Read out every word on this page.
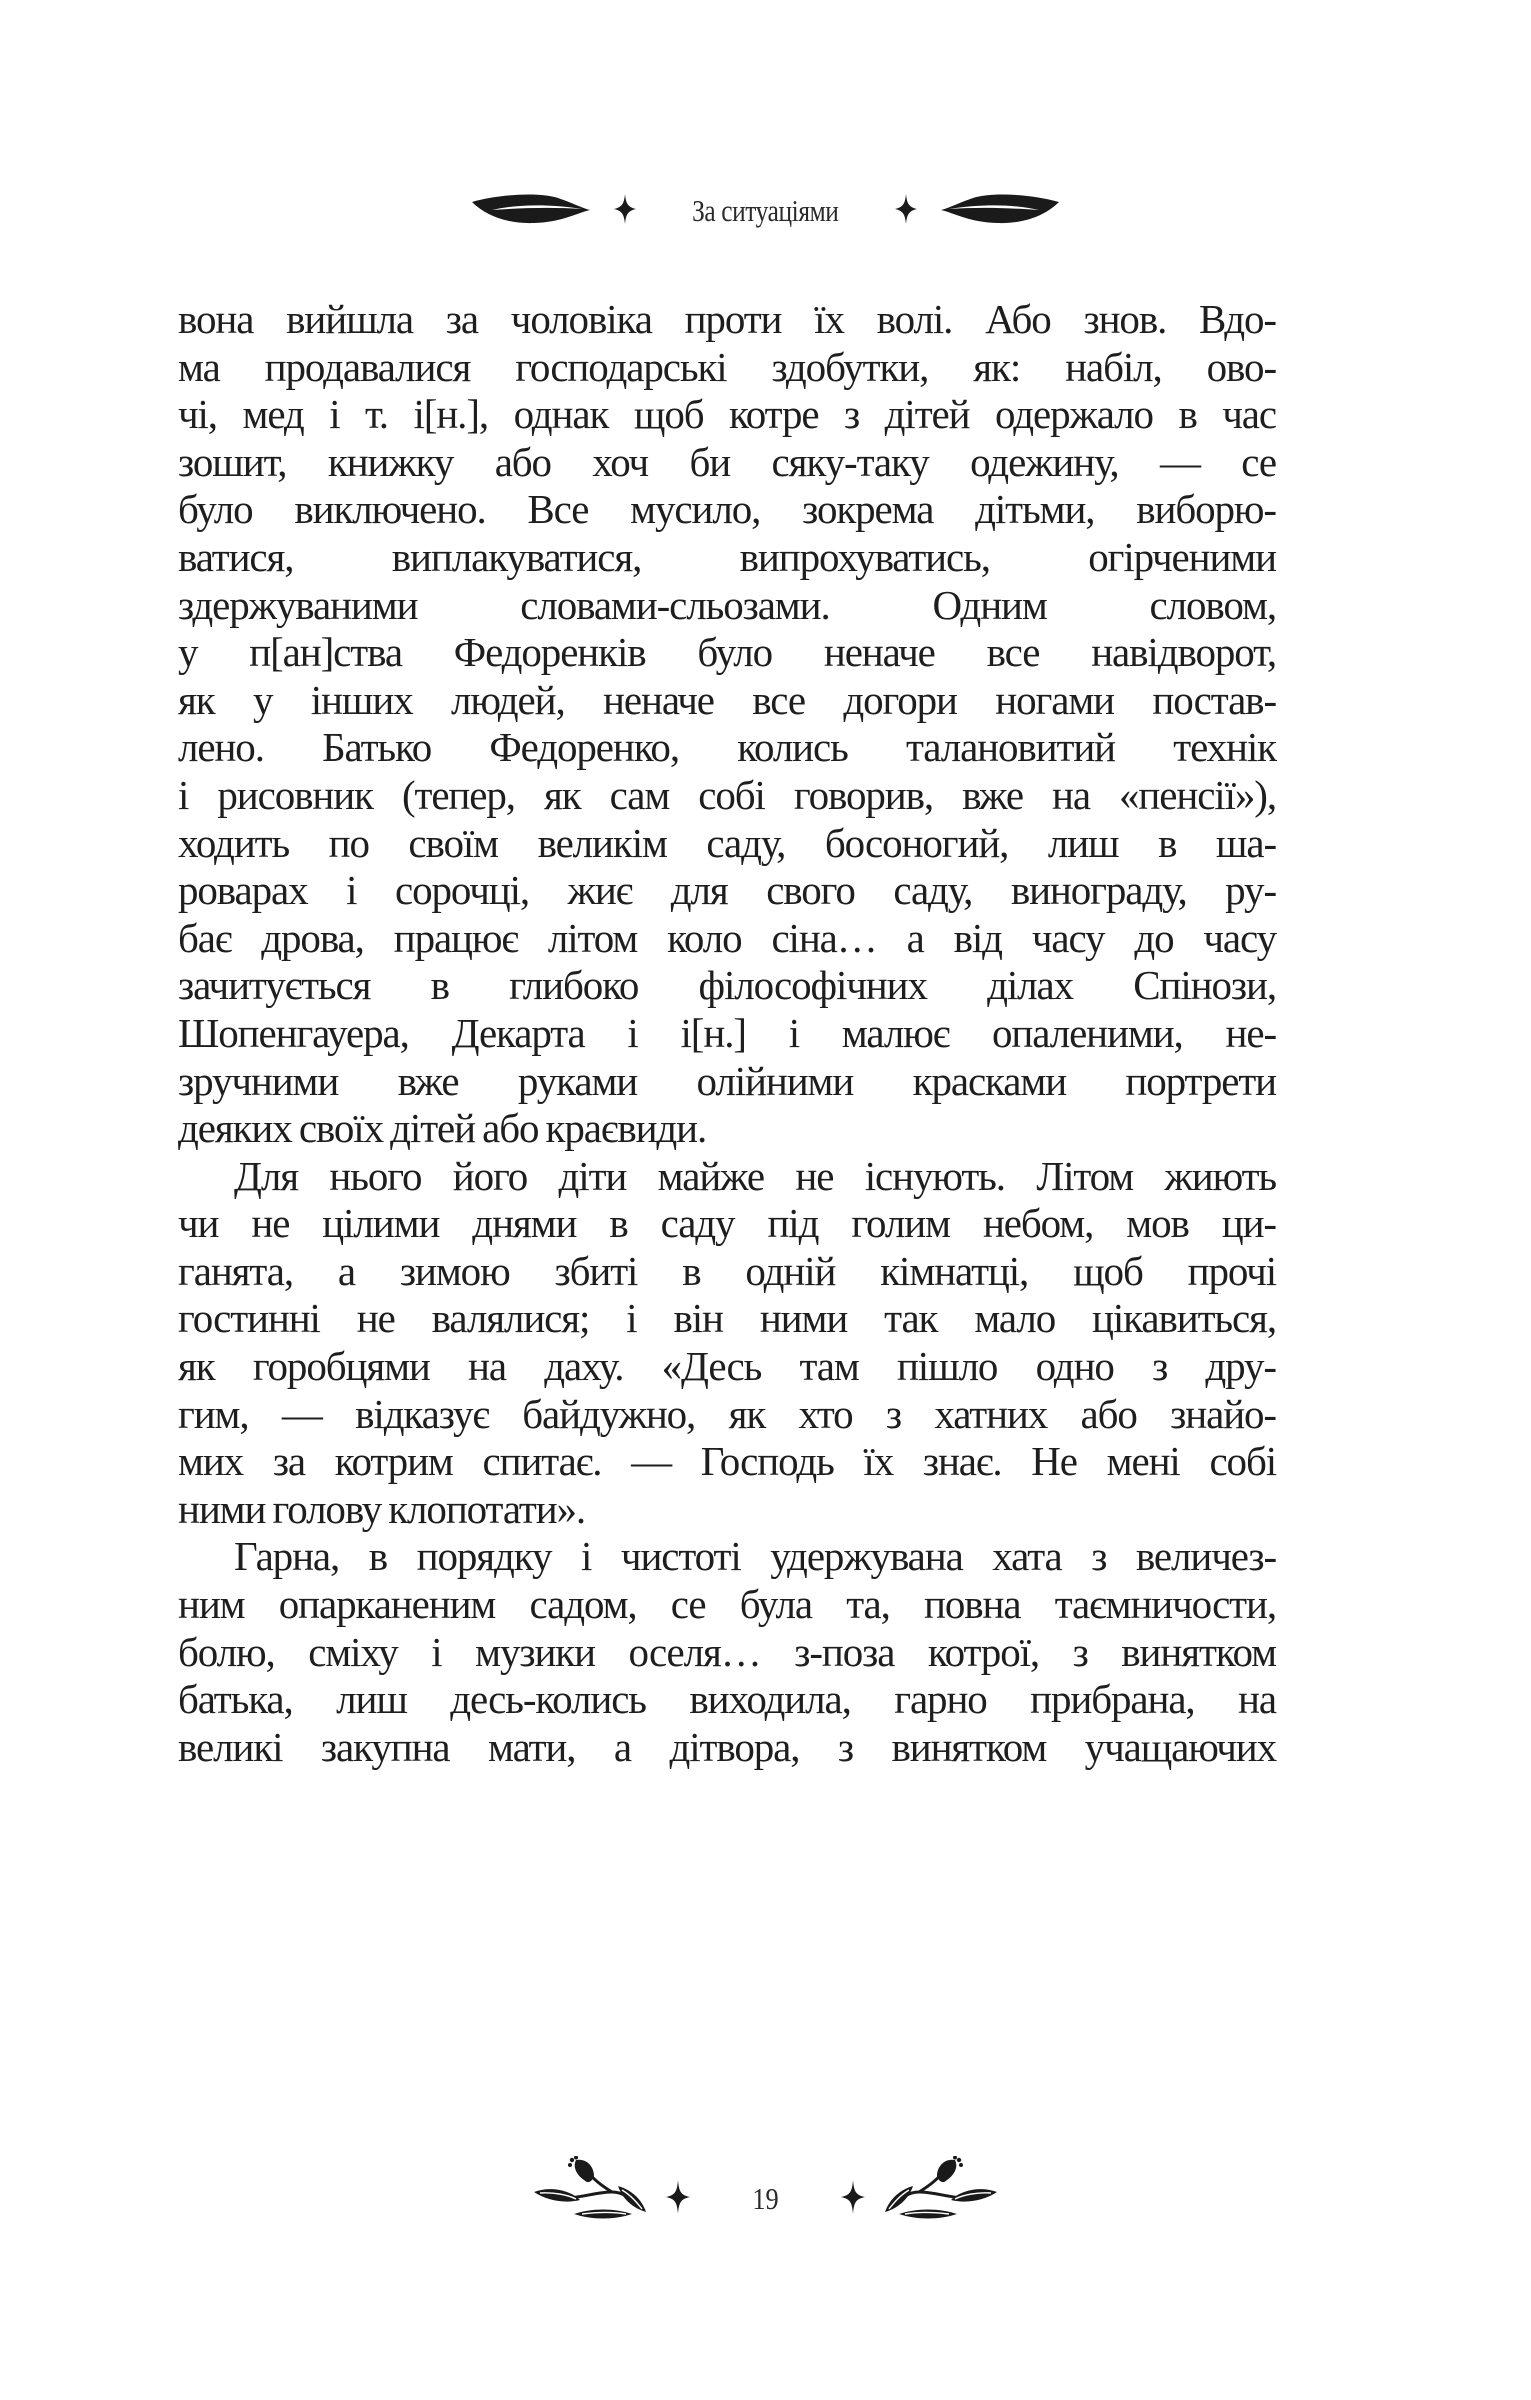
За ситуаціями
вона вийшла за чоловіка проти їх волі. Або знов. Вдо-
ма продавалися господарські здобутки, як: набіл, ово-
чі, мед і т. і[н.], однак щоб котре з дітей одержало в час
зошит, книжку або хоч би сяку-таку одежину, — се
було виключено. Все мусило, зокрема дітьми, виборю-
ватися, виплакуватися, випрохуватись, огірченими
здержуваними словами-сльозами. Одним словом,
у п[ан]ства Федоренків було неначе все навідворот,
як у інших людей, неначе все догори ногами постав-
лено. Батько Федоренко, колись талановитий технік
і рисовник (тепер, як сам собі говорив, вже на «пенсії»),
ходить по своїм великім саду, босоногий, лиш в ша-
роварах і сорочці, жиє для свого саду, винограду, ру-
бає дрова, працює літом коло сіна… а від часу до часу
зачитується в глибоко філософічних ділах Спінози,
Шопенгауера, Декарта і і[н.] і малює опаленими, не-
зручними вже руками олійними красками портрети
деяких своїх дітей або краєвиди.
Для нього його діти майже не існують. Літом жиють
чи не цілими днями в саду під голим небом, мов ци-
ганята, а зимою збиті в одній кімнатці, щоб прочі
гостинні не валялися; і він ними так мало цікавиться,
як горобцями на даху. «Десь там пішло одно з дру-
гим, — відказує байдужно, як хто з хатних або знайо-
мих за котрим спитає. — Господь їх знає. Не мені собі
ними голову клопотати».
Гарна, в порядку і чистоті удержувана хата з величез-
ним опарканеним садом, се була та, повна таємничости,
болю, сміху і музики оселя… з-поза котрої, з винятком
батька, лиш десь-колись виходила, гарно прибрана, на
великі закупна мати, а дітвора, з винятком учащаючих
19
